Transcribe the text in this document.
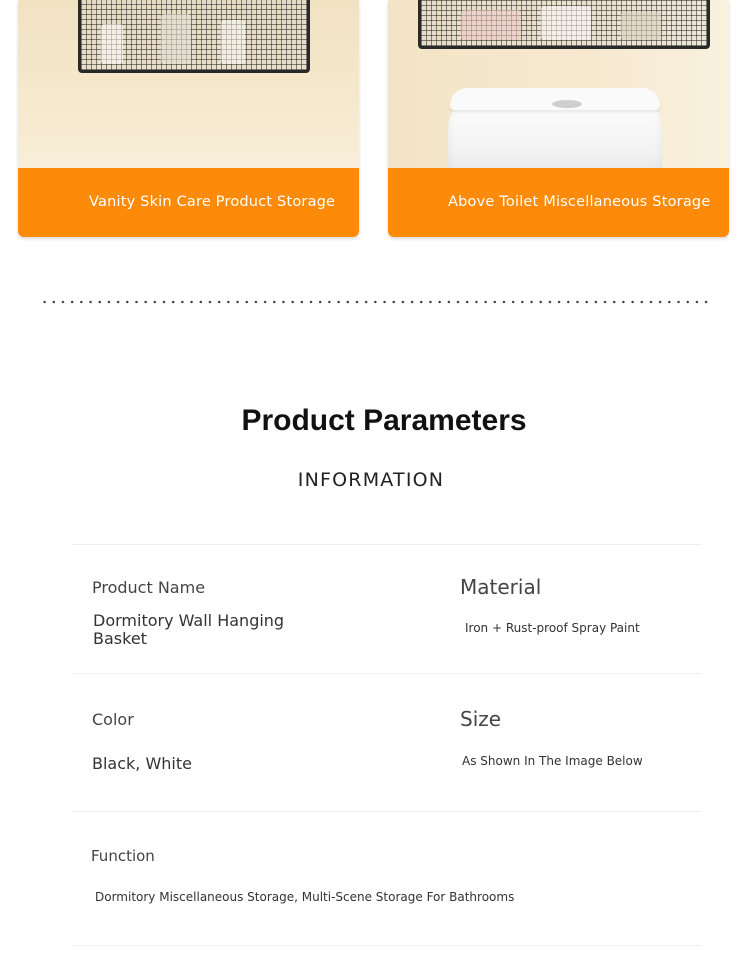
Vanity Skin Care Product Storage	Above Toilet Miscellaneous Storage
Product Parameters
INFORMATION
Product Name
Dormitory Wall Hanging Basket
Material
Iron + Rust-proof Spray Paint
Color
Black, White
Size
As Shown In The Image Below
Function
Dormitory Miscellaneous Storage, Multi-Scene Storage For Bathrooms
